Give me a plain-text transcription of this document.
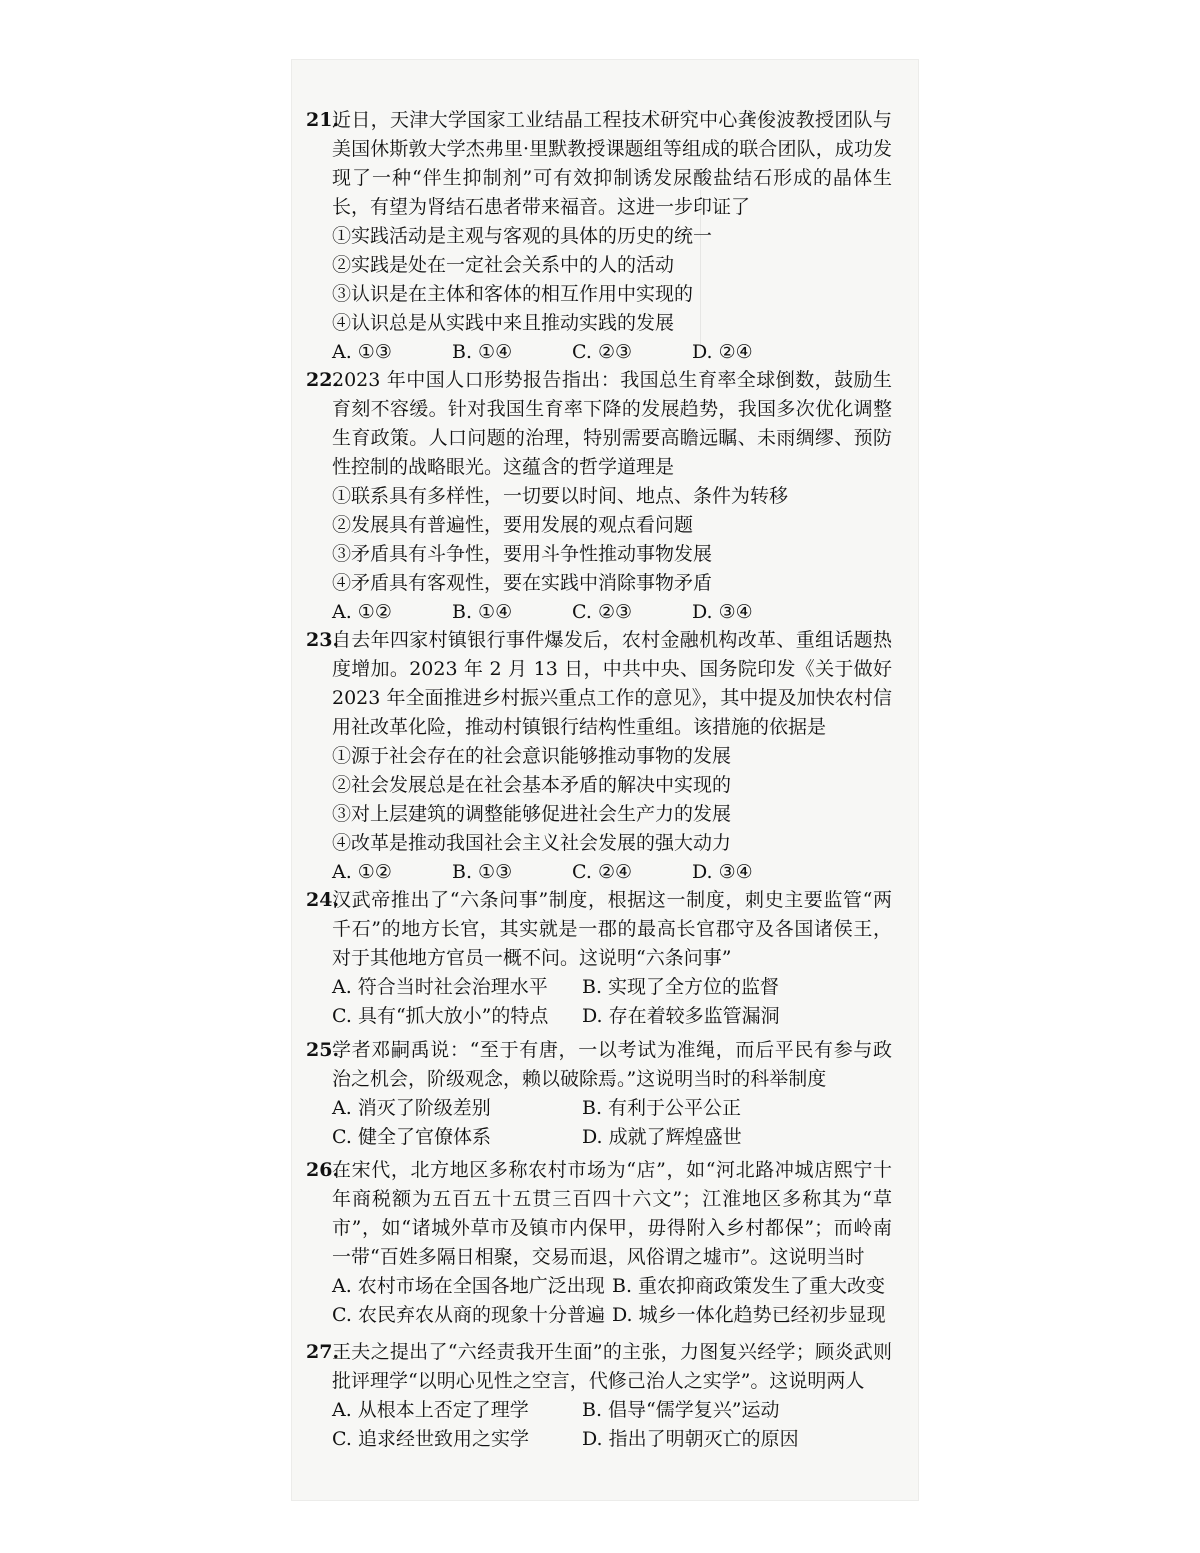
21.
近日，天津大学国家工业结晶工程技术研究中心龚俊波教授团队与美国休斯敦大学杰弗里·里默教授课题组等组成的联合团队，成功发现了一种“伴生抑制剂”可有效抑制诱发尿酸盐结石形成的晶体生长，有望为肾结石患者带来福音。这进一步印证了
①实践活动是主观与客观的具体的历史的统一
②实践是处在一定社会关系中的人的活动
③认识是在主体和客体的相互作用中实现的
④认识总是从实践中来且推动实践的发展
A. ①③	B. ①④	C. ②③	D. ②④
22.
2023 年中国人口形势报告指出：我国总生育率全球倒数，鼓励生育刻不容缓。针对我国生育率下降的发展趋势，我国多次优化调整生育政策。人口问题的治理，特别需要高瞻远瞩、未雨绸缪、预防性控制的战略眼光。这蕴含的哲学道理是
①联系具有多样性，一切要以时间、地点、条件为转移
②发展具有普遍性，要用发展的观点看问题
③矛盾具有斗争性，要用斗争性推动事物发展
④矛盾具有客观性，要在实践中消除事物矛盾
A. ①②	B. ①④	C. ②③	D. ③④
23.
自去年四家村镇银行事件爆发后，农村金融机构改革、重组话题热度增加。2023 年 2 月 13 日，中共中央、国务院印发《关于做好 2023 年全面推进乡村振兴重点工作的意见》，其中提及加快农村信用社改革化险，推动村镇银行结构性重组。该措施的依据是
①源于社会存在的社会意识能够推动事物的发展
②社会发展总是在社会基本矛盾的解决中实现的
③对上层建筑的调整能够促进社会生产力的发展
④改革是推动我国社会主义社会发展的强大动力
A. ①②	B. ①③	C. ②④	D. ③④
24.
汉武帝推出了“六条问事”制度，根据这一制度，刺史主要监管“两千石”的地方长官，其实就是一郡的最高长官郡守及各国诸侯王，对于其他地方官员一概不问。这说明“六条问事”
A. 符合当时社会治理水平	B. 实现了全方位的监督
C. 具有“抓大放小”的特点	D. 存在着较多监管漏洞
25.
学者邓嗣禹说：“至于有唐，一以考试为准绳，而后平民有参与政治之机会，阶级观念，赖以破除焉。”这说明当时的科举制度
A. 消灭了阶级差别	B. 有利于公平公正
C. 健全了官僚体系	D. 成就了辉煌盛世
26.
在宋代，北方地区多称农村市场为“店”，如“河北路冲城店熙宁十年商税额为五百五十五贯三百四十六文”；江淮地区多称其为“草市”，如“诸城外草市及镇市内保甲，毋得附入乡村都保”；而岭南一带“百姓多隔日相聚，交易而退，风俗谓之墟市”。这说明当时
A. 农村市场在全国各地广泛出现 B. 重农抑商政策发生了重大改变
C. 农民弃农从商的现象十分普遍 D. 城乡一体化趋势已经初步显现
27.
王夫之提出了“六经责我开生面”的主张，力图复兴经学；顾炎武则批评理学“以明心见性之空言，代修己治人之实学”。这说明两人
A. 从根本上否定了理学	B. 倡导“儒学复兴”运动
C. 追求经世致用之实学	D. 指出了明朝灭亡的原因
